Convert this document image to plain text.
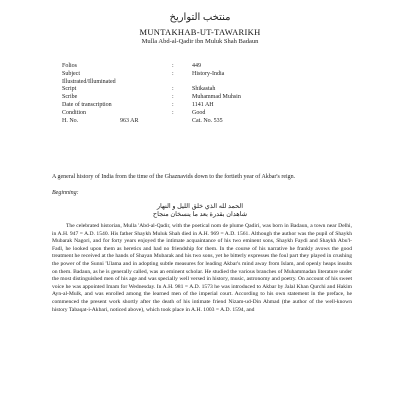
منتخب التواريخ
MUNTAKHAB-UT-TAWARIKH
Mulla Abd-al-Qadir ibn Muluk Shah Badaun
Folios	:	449
Subject	:	History-India
Illustrated/Illuminated
Script	:	Shikastah
Scribe	:	Muhammad Muhsin
Date of transcription	:	1141 AH
Condition	:	Good
H. No.	963 AR	Cat. No. 535
A general history of India from the time of the Ghaznavids down to the fortieth year of Akbar's reign.
Beginning:
الحمد لله الذي خلق الليل و النهار
شاهدان بقدرة بعد ما ينسخان منجاح
The celebrated historian, Mulla 'Abd-al-Qadir, with the poetical nom de plume Qadiri, was born in Badaun, a town near Delhi, in A.H. 947 = A.D. 1540. His father Shaykh Muluk Shah died in A.H. 969 = A.D. 1561. Although the author was the pupil of Shaykh Mubarak Nagori, and for forty years enjoyed the intimate acquaintance of his two eminent sons, Shaykh Faydi and Shaykh Abu'l-Fadl, he looked upon them as heretics and had no friendship for them. In the course of his narrative he frankly avows the good treatment he received at the hands of Shayan Mubarak and his two sons, yet he bitterly expresses the foul part they played in crushing the power of the Sunni 'Ulama and in adopting subtle measures for leading Akbar's mind away from Islam, and openly heaps insults on them. Badaun, as he is generally called, was an eminent scholar. He studied the various branches of Muhammadan literature under the most distinguished men of his age and was specially well versed in history, music, astronomy and poetry. On account of his sweet voice he was appointed Imam for Wednesday. In A.H. 981 = A.D. 1573 he was introduced to Akbar by Jalal Khan Qurchi and Hakim Ayn-al-Mulk, and was enrolled among the learned men of the imperial court. According to his own statement in the preface, he commenced the present work shortly after the death of his intimate friend Nizam-ud-Din Ahmad (the author of the well-known history Tabaqat-i-Akbari, noticed above), which took place in A.H. 1003 = A.D. 1594, and
